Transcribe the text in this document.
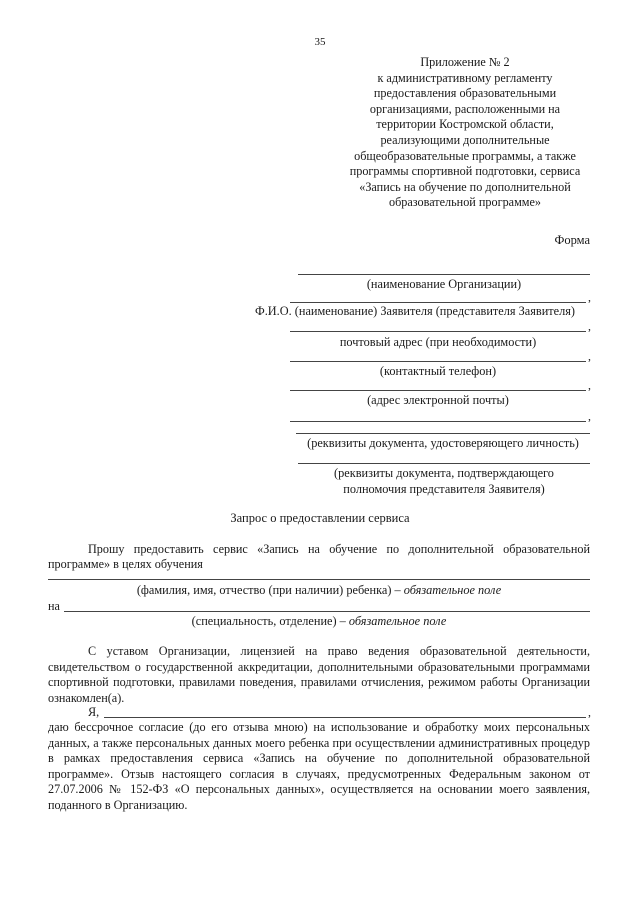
35
Приложение № 2
к административному регламенту
предоставления образовательными
организациями, расположенными на
территории Костромской области,
реализующими дополнительные
общеобразовательные программы, а также
программы спортивной подготовки, сервиса
«Запись на обучение по дополнительной
образовательной программе»
Форма
(наименование Организации)
,
Ф.И.О. (наименование) Заявителя (представителя Заявителя)
,
почтовый адрес (при необходимости)
,
(контактный телефон)
,
(адрес электронной почты)
,
(реквизиты документа, удостоверяющего личность)
(реквизиты документа, подтверждающего
полномочия представителя Заявителя)
Запрос о предоставлении сервиса
Прошу предоставить сервис «Запись на обучение по дополнительной образовательной
программе» в целях обучения
(фамилия, имя, отчество (при наличии) ребенка) – обязательное поле
на
(специальность, отделение) – обязательное поле
С уставом Организации, лицензией на право ведения образовательной деятельности, свидетельством о государственной аккредитации, дополнительными образовательными программами спортивной подготовки, правилами поведения, правилами отчисления, режимом работы Организации ознакомлен(а).
Я,	,
даю бессрочное согласие (до его отзыва мною) на использование и обработку моих персональных данных, а также персональных данных моего ребенка при осуществлении административных процедур в рамках предоставления сервиса «Запись на обучение по дополнительной образовательной программе». Отзыв настоящего согласия в случаях, предусмотренных Федеральным законом от 27.07.2006 № 152-ФЗ «О персональных данных», осуществляется на основании моего заявления, поданного в Организацию.
